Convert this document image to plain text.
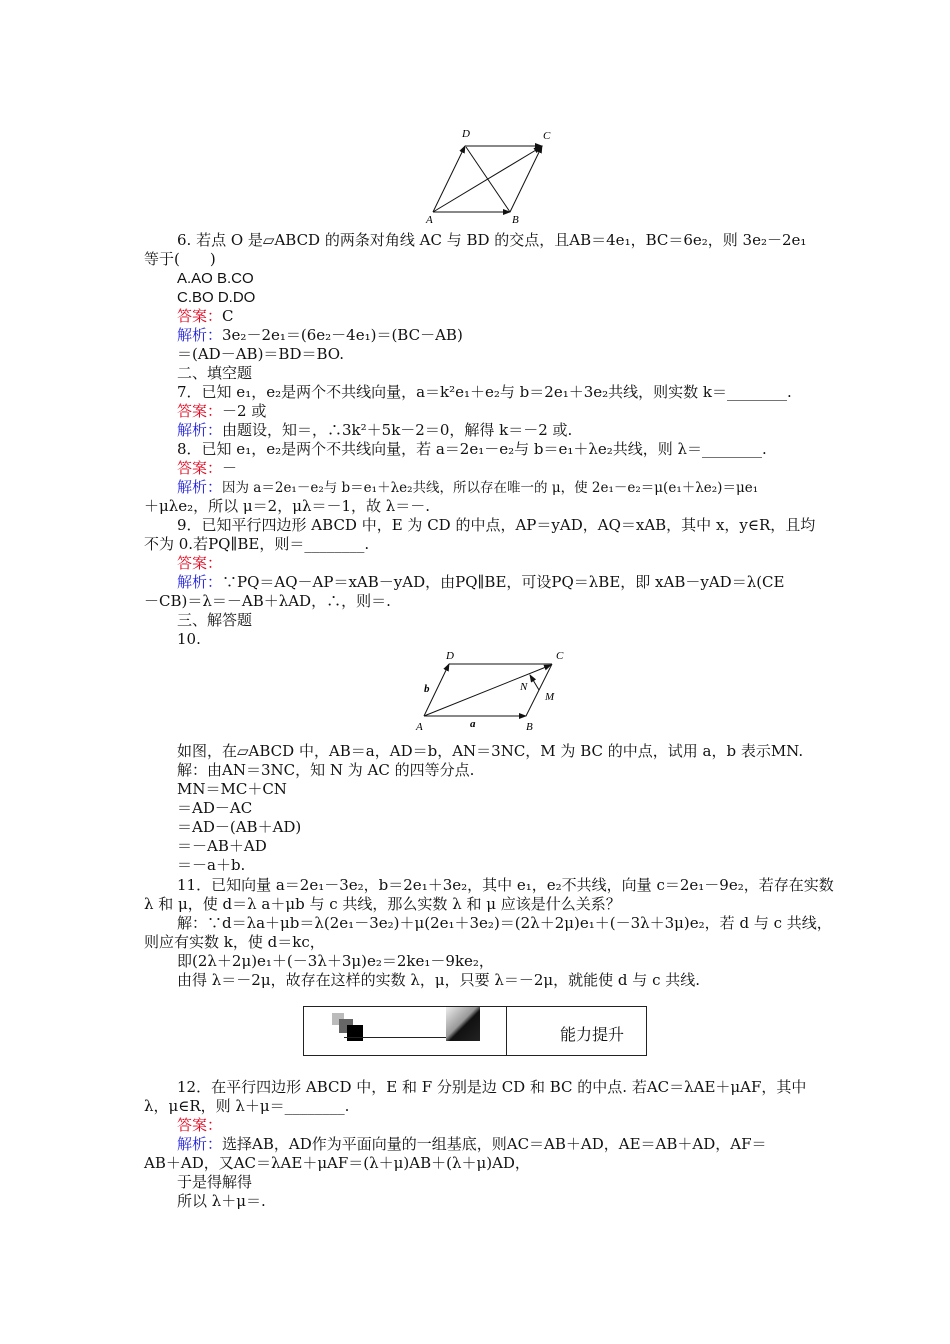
D	C
A	B
6. 若点 O 是▱ABCD 的两条对角线 AC 与 BD 的交点，且AB＝4e₁，BC＝6e₂，则 3e₂－2e₁
等于(　　)
A.AO B.CO
C.BO D.DO
答案：C
解析：3e₂－2e₁＝(6e₂－4e₁)＝(BC－AB)
＝(AD－AB)＝BD＝BO.
二、填空题
7．已知 e₁，e₂是两个不共线向量，a＝k²e₁＋e₂与 b＝2e₁＋3e₂共线，则实数 k＝________.
答案：－2 或
解析：由题设，知＝，∴3k²＋5k－2＝0，解得 k＝－2 或.
8．已知 e₁，e₂是两个不共线向量，若 a＝2e₁－e₂与 b＝e₁＋λe₂共线，则 λ＝________.
答案：－
解析：因为 a＝2e₁－e₂与 b＝e₁＋λe₂共线，所以存在唯一的 μ，使 2e₁－e₂＝μ(e₁＋λe₂)＝μe₁
＋μλe₂，所以 μ＝2，μλ＝－1，故 λ＝－.
9．已知平行四边形 ABCD 中，E 为 CD 的中点，AP＝yAD，AQ＝xAB，其中 x，y∈R，且均
不为 0.若PQ∥BE，则＝________.
答案：
解析：∵PQ＝AQ－AP＝xAB－yAD，由PQ∥BE，可设PQ＝λBE，即 xAB－yAD＝λ(CE
－CB)＝λ＝－AB＋λAD，∴，则＝.
三、解答题
10.
D	C
A	B
N
M
a
b
如图，在▱ABCD 中，AB＝a，AD＝b，AN＝3NC，M 为 BC 的中点，试用 a，b 表示MN.
解：由AN＝3NC，知 N 为 AC 的四等分点.
MN＝MC＋CN
＝AD－AC
＝AD－(AB＋AD)
＝－AB＋AD
＝－a＋b.
11．已知向量 a＝2e₁－3e₂，b＝2e₁＋3e₂，其中 e₁，e₂不共线，向量 c＝2e₁－9e₂，若存在实数
λ 和 μ，使 d＝λ a＋μb 与 c 共线，那么实数 λ 和 μ 应该是什么关系？
解：∵d＝λa＋μb＝λ(2e₁－3e₂)＋μ(2e₁＋3e₂)＝(2λ＋2μ)e₁＋(－3λ＋3μ)e₂，若 d 与 c 共线，
则应有实数 k，使 d＝kc，
即(2λ＋2μ)e₁＋(－3λ＋3μ)e₂＝2ke₁－9ke₂，
由得 λ＝－2μ，故存在这样的实数 λ，μ，只要 λ＝－2μ，就能使 d 与 c 共线.
能力提升
12．在平行四边形 ABCD 中，E 和 F 分别是边 CD 和 BC 的中点. 若AC＝λAE＋μAF，其中
λ，μ∈R，则 λ＋μ＝________.
答案：
解析：选择AB，AD作为平面向量的一组基底，则AC＝AB＋AD，AE＝AB＋AD，AF＝
AB＋AD，又AC＝λAE＋μAF＝(λ＋μ)AB＋(λ＋μ)AD，
于是得解得
所以 λ＋μ＝.
